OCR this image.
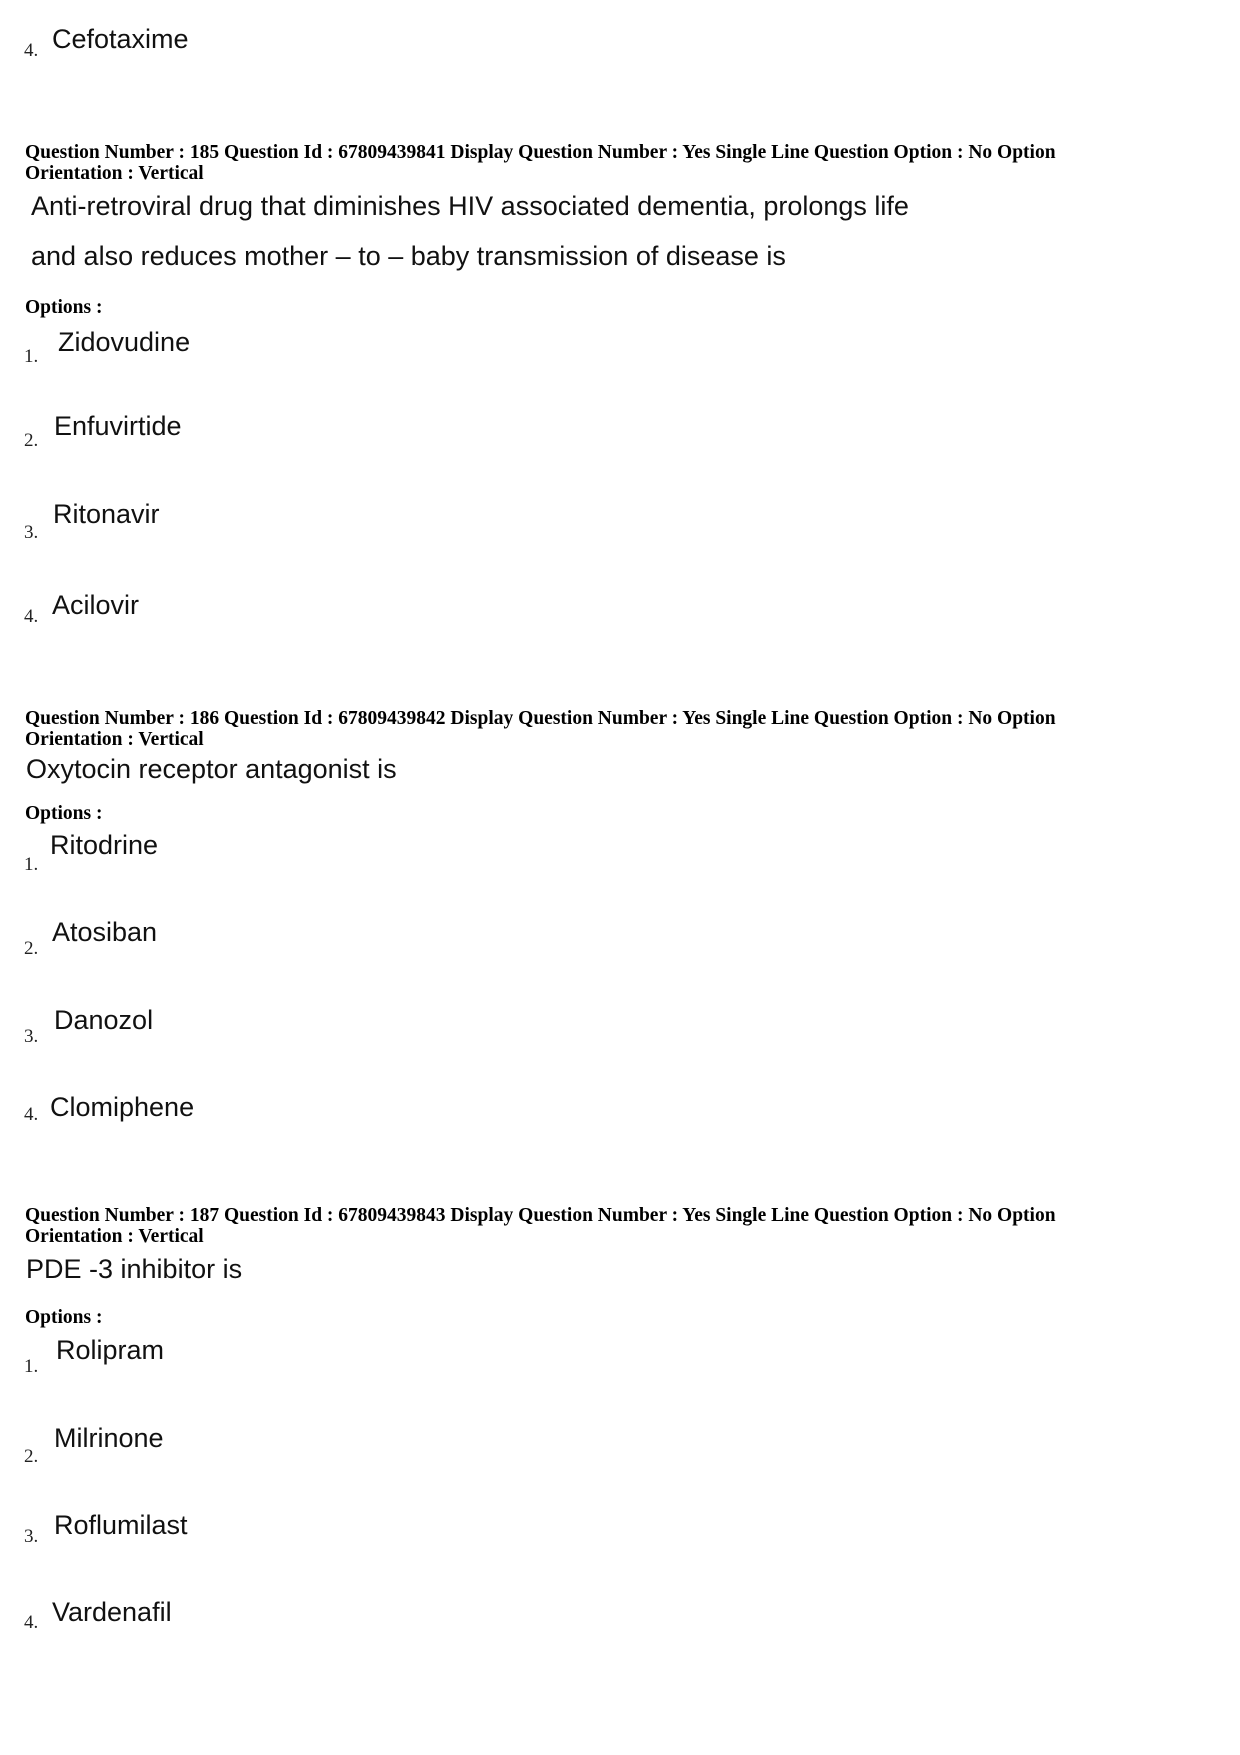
4. Cefotaxime
Question Number : 185 Question Id : 67809439841 Display Question Number : Yes Single Line Question Option : No Option
Orientation : Vertical
Anti-retroviral drug that diminishes HIV associated dementia, prolongs life
and also reduces mother – to – baby transmission of disease is
Options :
1. Zidovudine
2. Enfuvirtide
3.
Ritonavir
4. Acilovir
Question Number : 186 Question Id : 67809439842 Display Question Number : Yes Single Line Question Option : No Option
Orientation : Vertical
Oxytocin receptor antagonist is
Options :
1.
Ritodrine
2.
Atosiban
3.
Danozol
4. Clomiphene
Question Number : 187 Question Id : 67809439843 Display Question Number : Yes Single Line Question Option : No Option
Orientation : Vertical
PDE -3 inhibitor is
Options :
1.
Rolipram
2.
Milrinone
3. Roflumilast
4. Vardenafil
